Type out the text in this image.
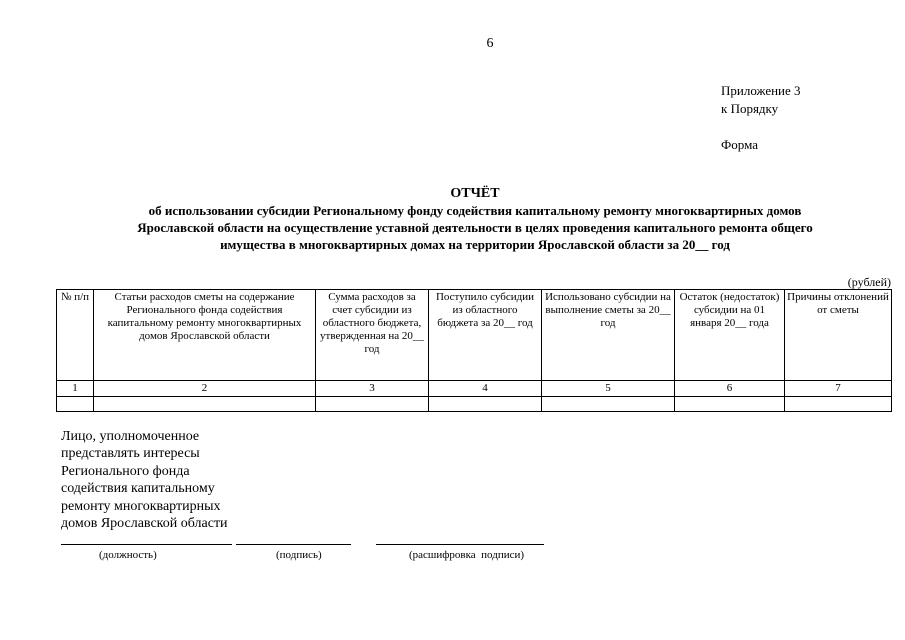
6
Приложение 3
к Порядку
Форма
ОТЧЁТ
об использовании субсидии Региональному фонду содействия капитальному ремонту многоквартирных домов
Ярославской области на осуществление уставной деятельности в целях проведения капитального ремонта общего
имущества в многоквартирных домах на территории Ярославской области за 20__ год
(рублей)
№ п/п	Статьи расходов сметы на содержание Регионального фонда содействия капитальному ремонту многоквартирных домов Ярославской области	Сумма расходов за счет субсидии из областного бюджета, утвержденная на 20__ год	Поступило субсидии из областного бюджета за 20__ год	Использовано субсидии на выполнение сметы за 20__ год	Остаток (недостаток) субсидии на 01 января 20__ года	Причины отклонений от сметы
1	2	3	4	5	6	7

Лицо, уполномоченное
представлять интересы
Регионального фонда
содействия капитальному
ремонту многоквартирных
домов Ярославской области
(должность)	(подпись)	(расшифровка  подписи)
